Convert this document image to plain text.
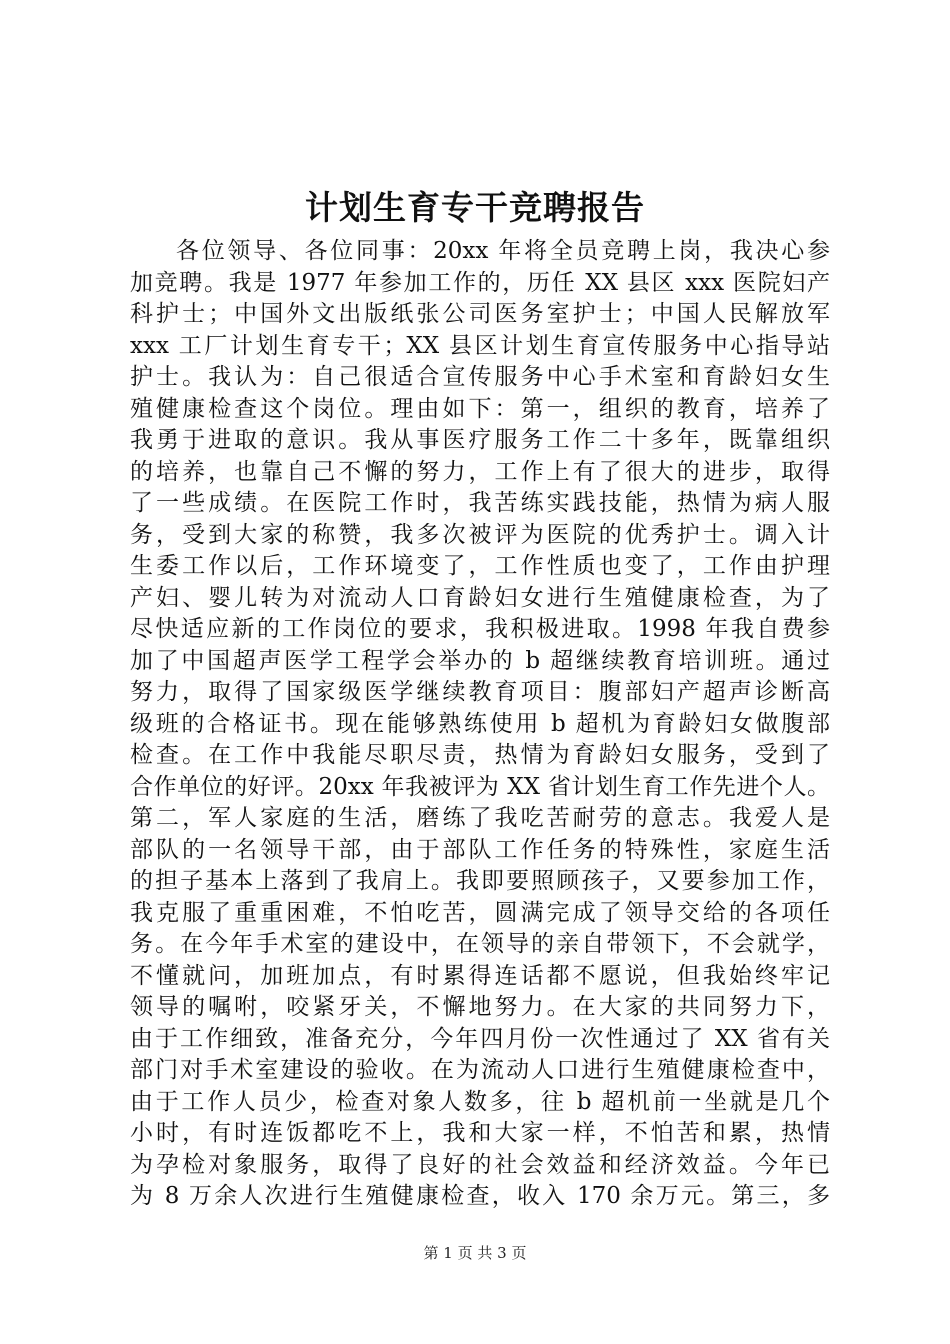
计划生育专干竞聘报告
各位领导、各位同事：20xx 年将全员竞聘上岗，我决心参
加竞聘。我是 1977 年参加工作的，历任 XX 县区 xxx 医院妇产
科护士；中国外文出版纸张公司医务室护士；中国人民解放军
xxx 工厂计划生育专干；XX 县区计划生育宣传服务中心指导站
护士。我认为：自己很适合宣传服务中心手术室和育龄妇女生
殖健康检查这个岗位。理由如下：第一，组织的教育，培养了
我勇于进取的意识。我从事医疗服务工作二十多年，既靠组织
的培养，也靠自己不懈的努力，工作上有了很大的进步，取得
了一些成绩。在医院工作时，我苦练实践技能，热情为病人服
务，受到大家的称赞，我多次被评为医院的优秀护士。调入计
生委工作以后，工作环境变了，工作性质也变了，工作由护理
产妇、婴儿转为对流动人口育龄妇女进行生殖健康检查，为了
尽快适应新的工作岗位的要求，我积极进取。1998 年我自费参
加了中国超声医学工程学会举办的 b 超继续教育培训班。通过
努力，取得了国家级医学继续教育项目：腹部妇产超声诊断高
级班的合格证书。现在能够熟练使用 b 超机为育龄妇女做腹部
检查。在工作中我能尽职尽责，热情为育龄妇女服务，受到了
合作单位的好评。20xx 年我被评为 XX 省计划生育工作先进个人。
第二，军人家庭的生活，磨练了我吃苦耐劳的意志。我爱人是
部队的一名领导干部，由于部队工作任务的特殊性，家庭生活
的担子基本上落到了我肩上。我即要照顾孩子，又要参加工作，
我克服了重重困难，不怕吃苦，圆满完成了领导交给的各项任
务。在今年手术室的建设中，在领导的亲自带领下，不会就学，
不懂就问，加班加点，有时累得连话都不愿说，但我始终牢记
领导的嘱咐，咬紧牙关，不懈地努力。在大家的共同努力下，
由于工作细致，准备充分，今年四月份一次性通过了 XX 省有关
部门对手术室建设的验收。在为流动人口进行生殖健康检查中，
由于工作人员少，检查对象人数多，往 b 超机前一坐就是几个
小时，有时连饭都吃不上，我和大家一样，不怕苦和累，热情
为孕检对象服务，取得了良好的社会效益和经济效益。今年已
为 8 万余人次进行生殖健康检查，收入 170 余万元。第三，多
第 1 页 共 3 页
